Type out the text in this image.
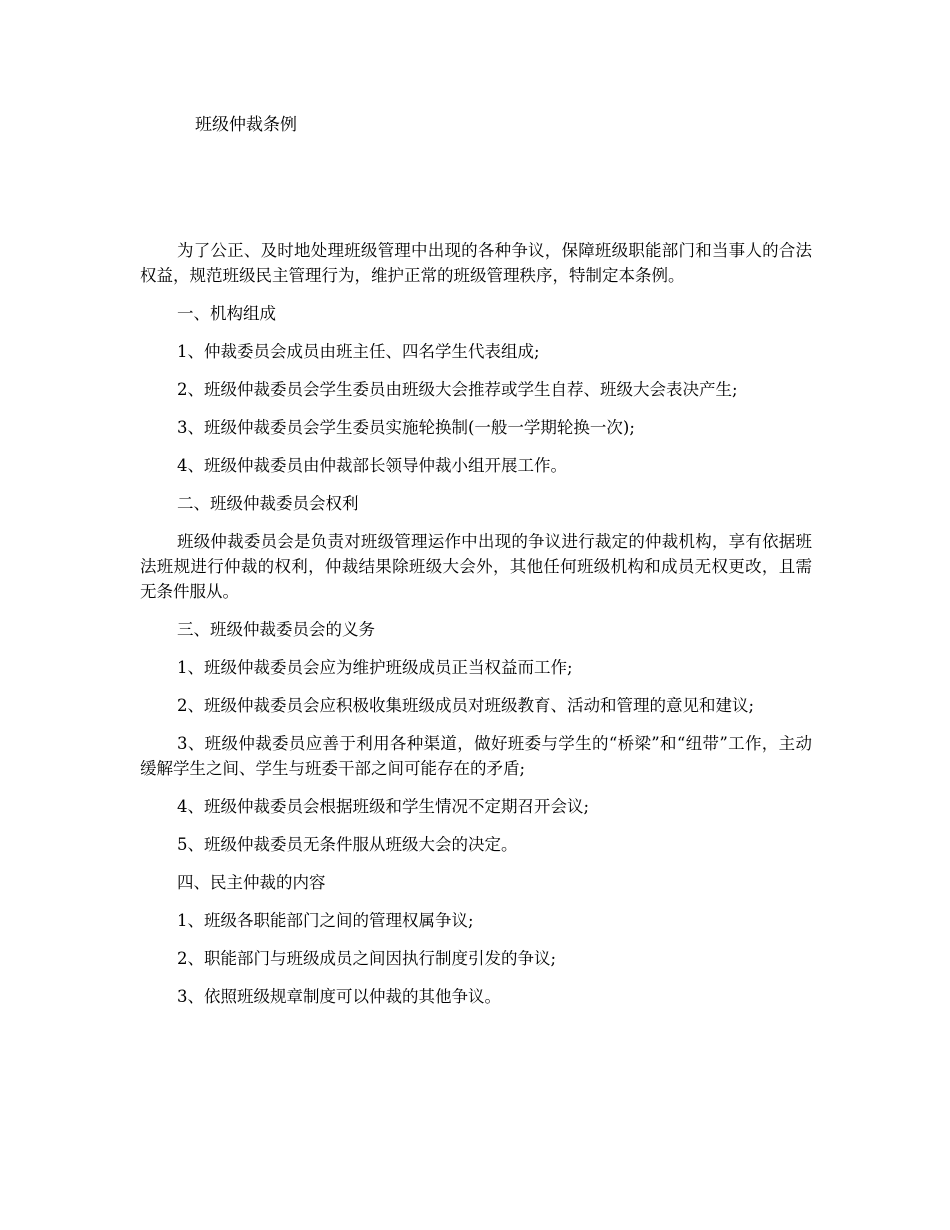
班级仲裁条例

为了公正、及时地处理班级管理中出现的各种争议，保障班级职能部门和当事人的合法权益，规范班级民主管理行为，维护正常的班级管理秩序，特制定本条例。

一、机构组成

1、仲裁委员会成员由班主任、四名学生代表组成;

2、班级仲裁委员会学生委员由班级大会推荐或学生自荐、班级大会表决产生;

3、班级仲裁委员会学生委员实施轮换制(一般一学期轮换一次);

4、班级仲裁委员由仲裁部长领导仲裁小组开展工作。

二、班级仲裁委员会权利

班级仲裁委员会是负责对班级管理运作中出现的争议进行裁定的仲裁机构，享有依据班法班规进行仲裁的权利，仲裁结果除班级大会外，其他任何班级机构和成员无权更改，且需无条件服从。

三、班级仲裁委员会的义务

1、班级仲裁委员会应为维护班级成员正当权益而工作;

2、班级仲裁委员会应积极收集班级成员对班级教育、活动和管理的意见和建议;

3、班级仲裁委员应善于利用各种渠道，做好班委与学生的“桥梁”和“纽带”工作，主动缓解学生之间、学生与班委干部之间可能存在的矛盾;

4、班级仲裁委员会根据班级和学生情况不定期召开会议;

5、班级仲裁委员无条件服从班级大会的决定。

四、民主仲裁的内容

1、班级各职能部门之间的管理权属争议;

2、职能部门与班级成员之间因执行制度引发的争议;

3、依照班级规章制度可以仲裁的其他争议。
